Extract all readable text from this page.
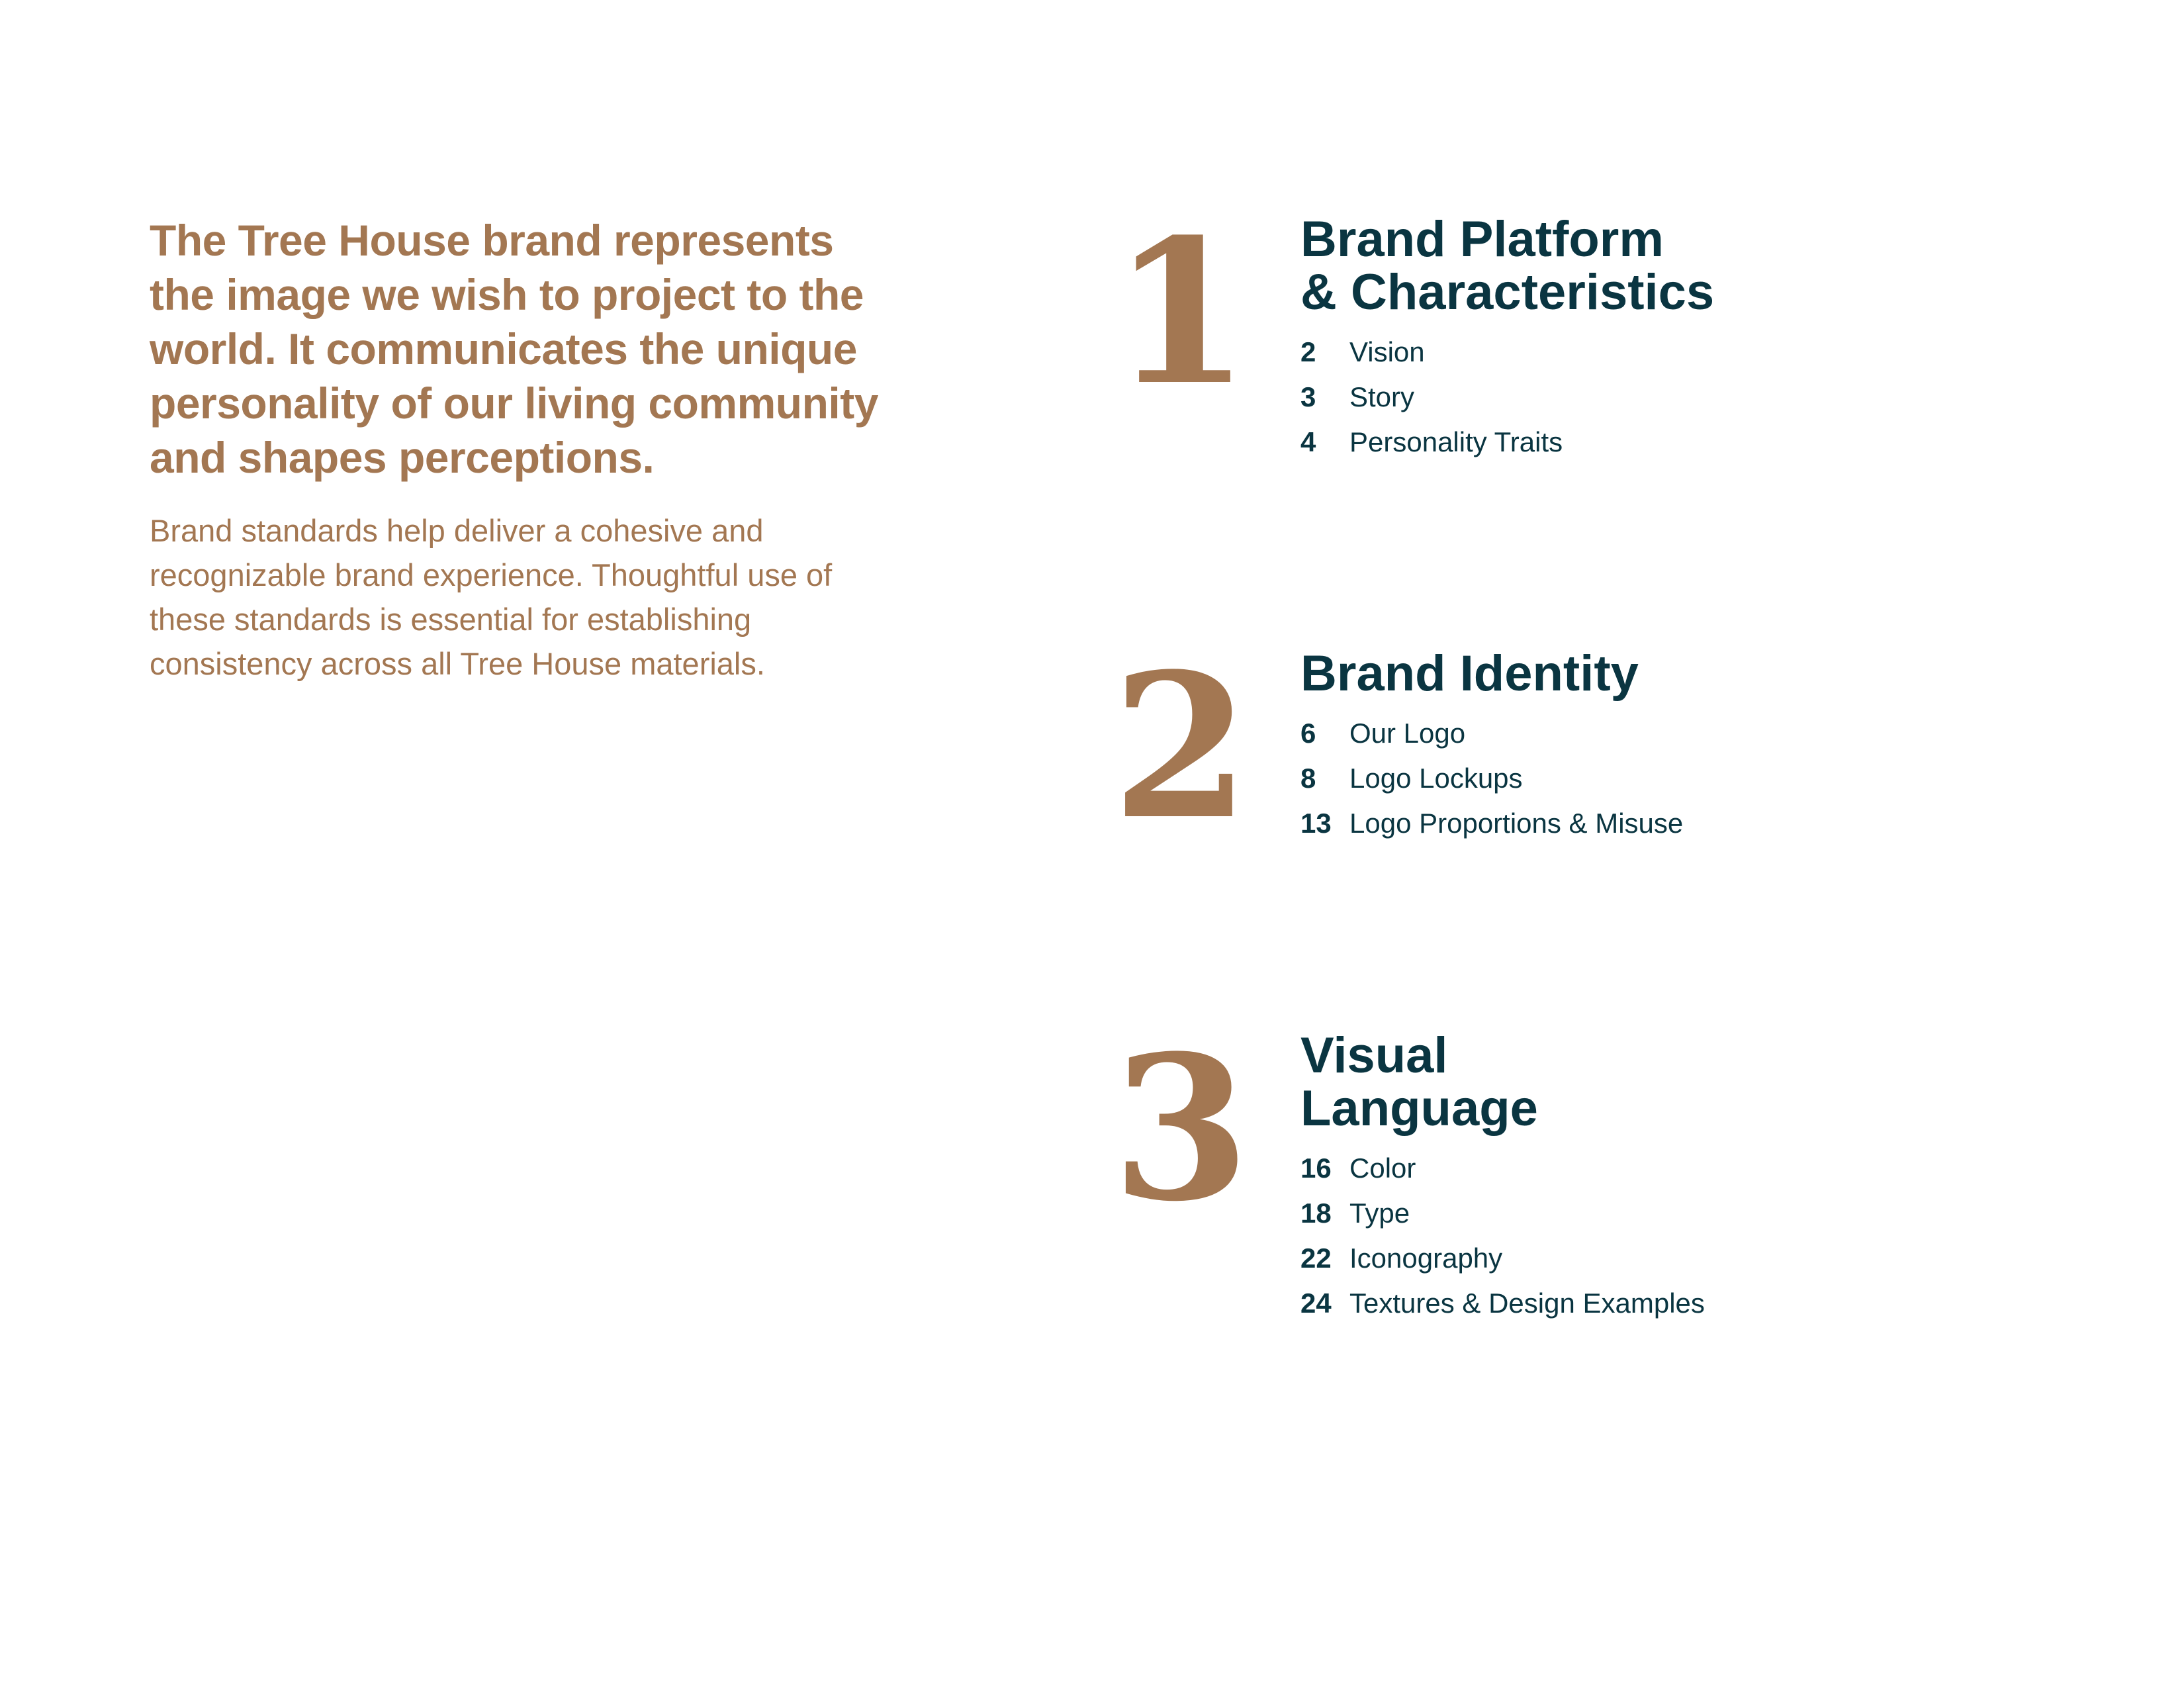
The Tree House brand represents the image we wish to project to the world. It communicates the unique personality of our living community and shapes perceptions.

Brand standards help deliver a cohesive and recognizable brand experience. Thoughtful use of these standards is essential for establishing consistency across all Tree House materials.

1 Brand Platform
& Characteristics
2	Vision
3	Story
4	Personality Traits
2 Brand Identity
6	Our Logo
8	Logo Lockups
13 Logo Proportions & Misuse
3 Visual
Language
16 Color
18 Type
22 Iconography
24 Textures & Design Examples
